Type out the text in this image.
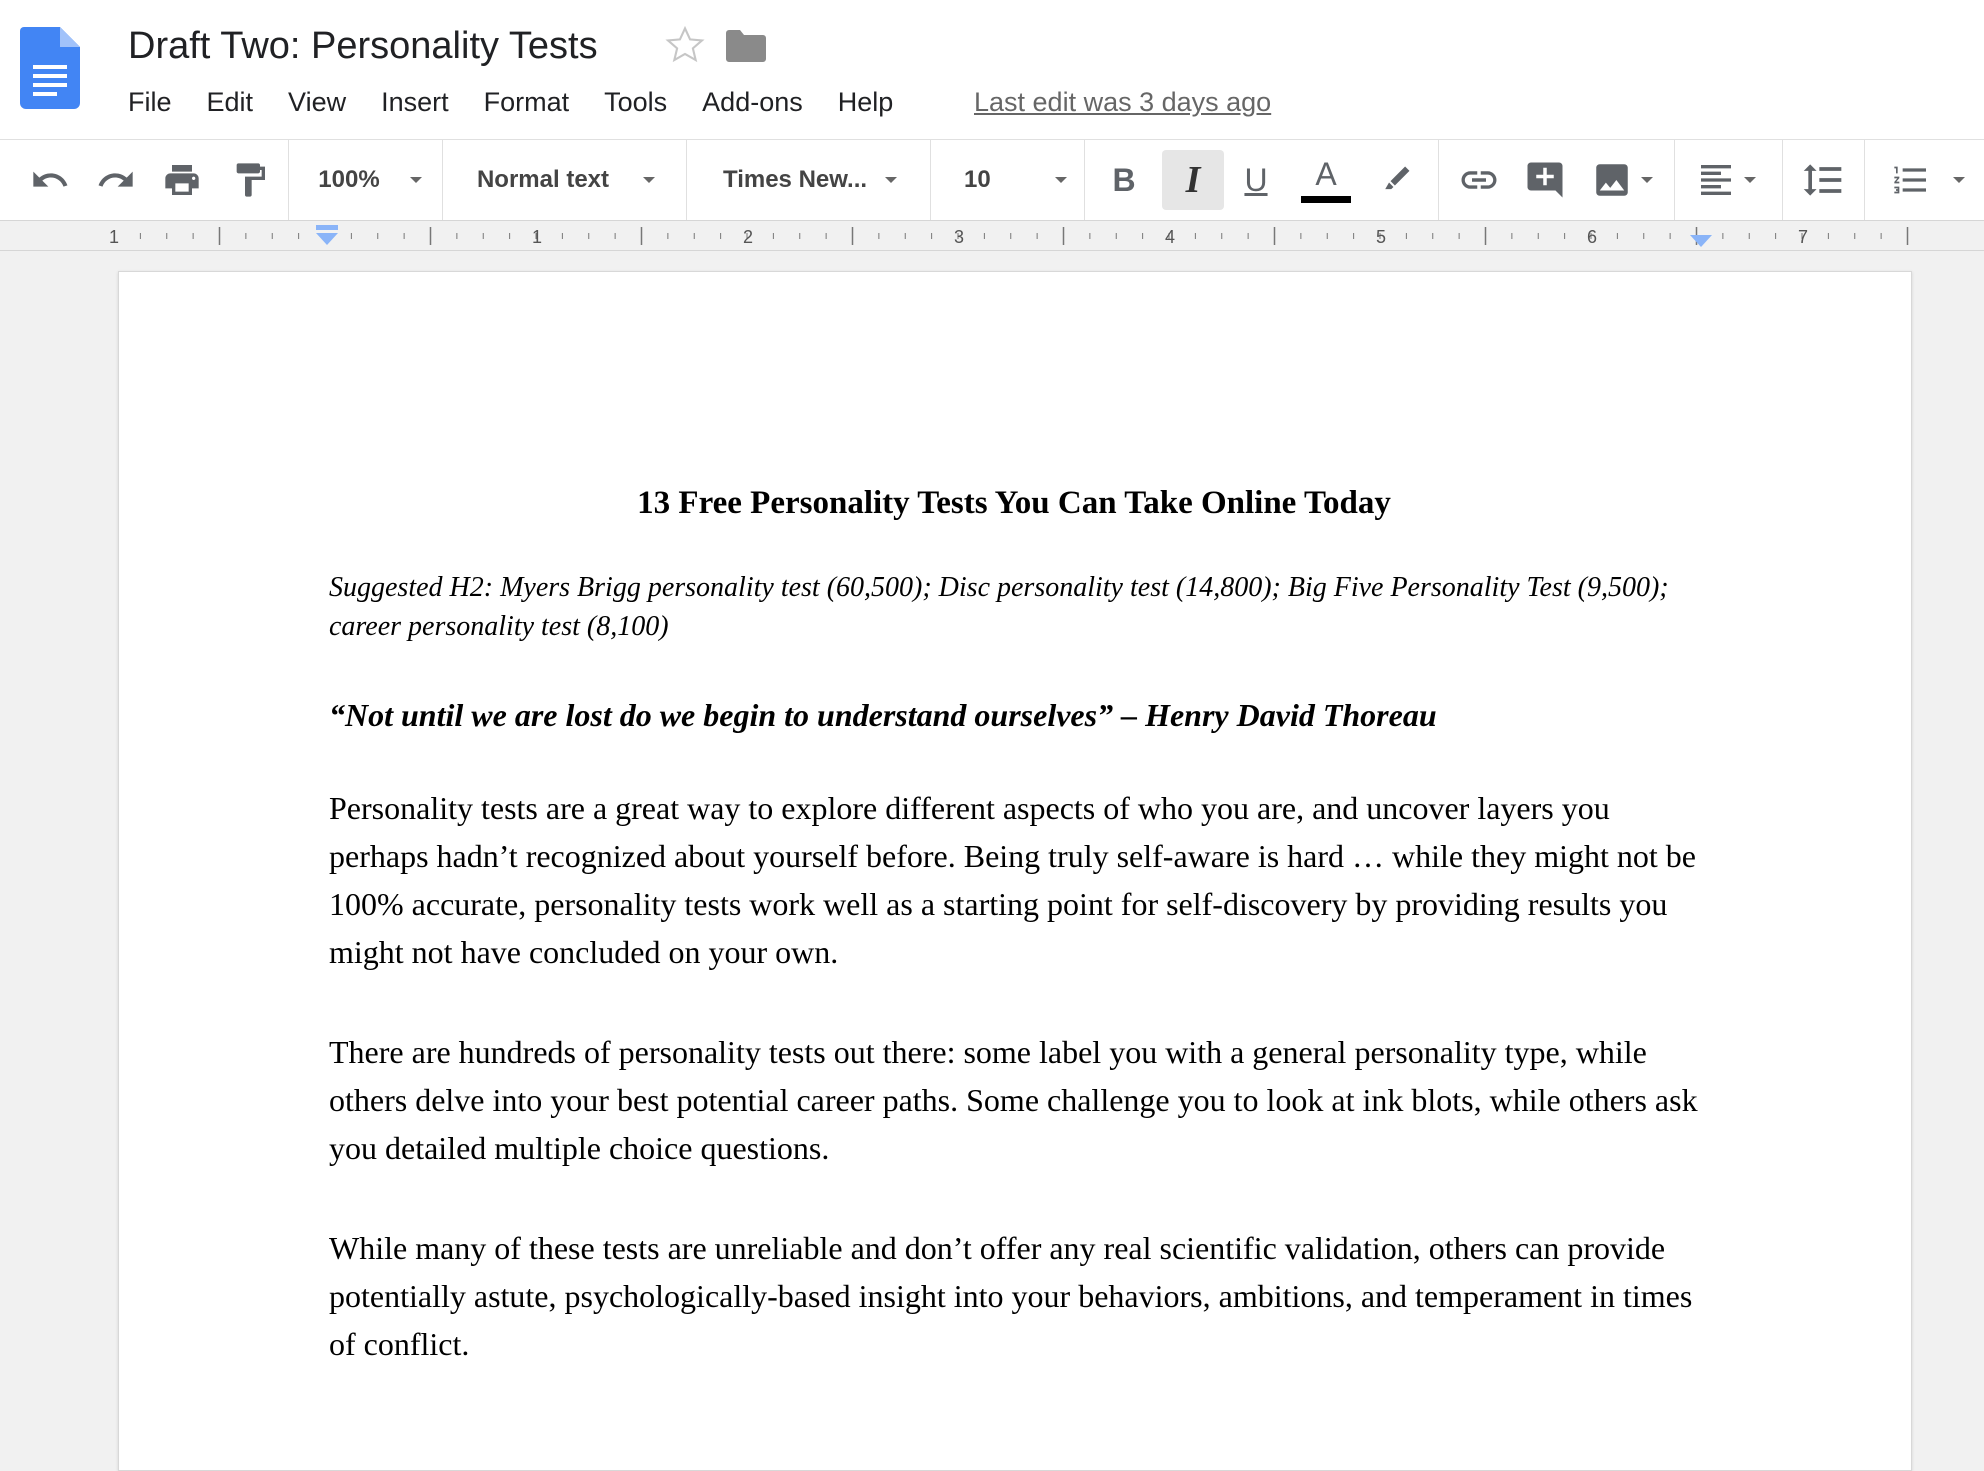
Draft Two: Personality Tests
File Edit View Insert Format Tools Add-ons Help	Last edit was 3 days ago
100%	Normal text	Times New...	10	B I U A
1	1	2	3	4	5	6	7

13 Free Personality Tests You Can Take Online Today

Suggested H2: Myers Brigg personality test (60,500); Disc personality test (14,800); Big Five Personality Test (9,500); career personality test (8,100)

“Not until we are lost do we begin to understand ourselves” – Henry David Thoreau

Personality tests are a great way to explore different aspects of who you are, and uncover layers you perhaps hadn’t recognized about yourself before. Being truly self-aware is hard … while they might not be 100% accurate, personality tests work well as a starting point for self-discovery by providing results you might not have concluded on your own.

There are hundreds of personality tests out there: some label you with a general personality type, while others delve into your best potential career paths. Some challenge you to look at ink blots, while others ask you detailed multiple choice questions.

While many of these tests are unreliable and don’t offer any real scientific validation, others can provide potentially astute, psychologically-based insight into your behaviors, ambitions, and temperament in times of conflict.
